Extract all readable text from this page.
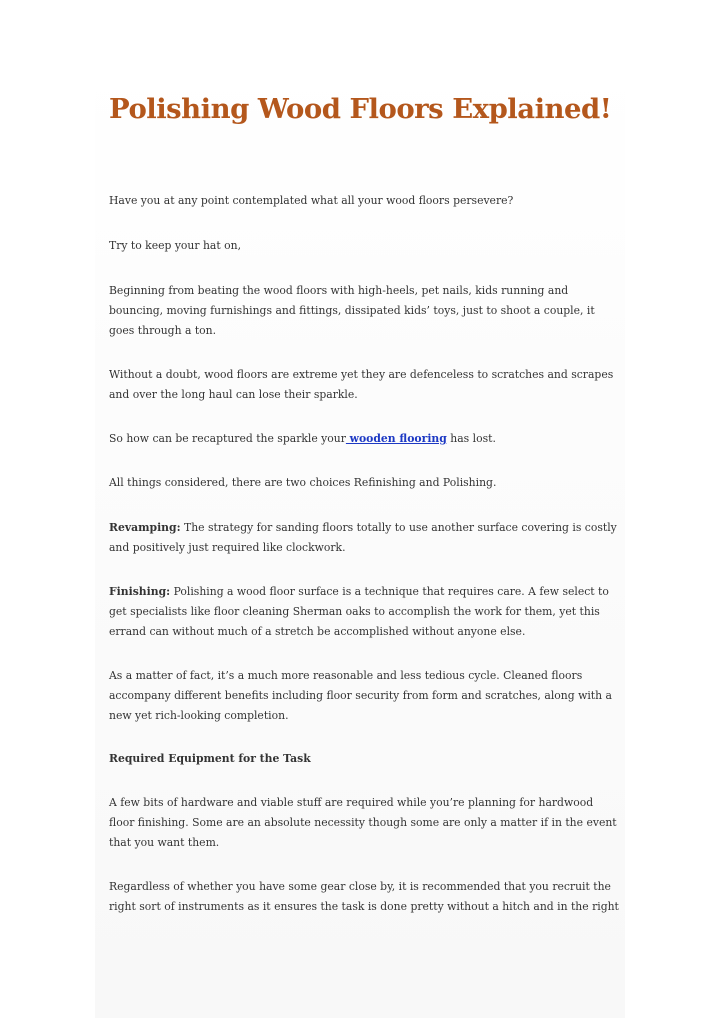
Polishing Wood Floors Explained!

Have you at any point contemplated what all your wood floors persevere?

Try to keep your hat on,

Beginning from beating the wood floors with high-heels, pet nails, kids running and bouncing, moving furnishings and fittings, dissipated kids’ toys, just to shoot a couple, it goes through a ton.

Without a doubt, wood floors are extreme yet they are defenceless to scratches and scrapes and over the long haul can lose their sparkle.

So how can be recaptured the sparkle your wooden flooring has lost.

All things considered, there are two choices Refinishing and Polishing.

Revamping: The strategy for sanding floors totally to use another surface covering is costly and positively just required like clockwork.

Finishing: Polishing a wood floor surface is a technique that requires care. A few select to get specialists like floor cleaning Sherman oaks to accomplish the work for them, yet this errand can without much of a stretch be accomplished without anyone else.

As a matter of fact, it’s a much more reasonable and less tedious cycle. Cleaned floors accompany different benefits including floor security from form and scratches, along with a new yet rich-looking completion.

Required Equipment for the Task

A few bits of hardware and viable stuff are required while you’re planning for hardwood floor finishing. Some are an absolute necessity though some are only a matter if in the event that you want them.

Regardless of whether you have some gear close by, it is recommended that you recruit the right sort of instruments as it ensures the task is done pretty without a hitch and in the right
